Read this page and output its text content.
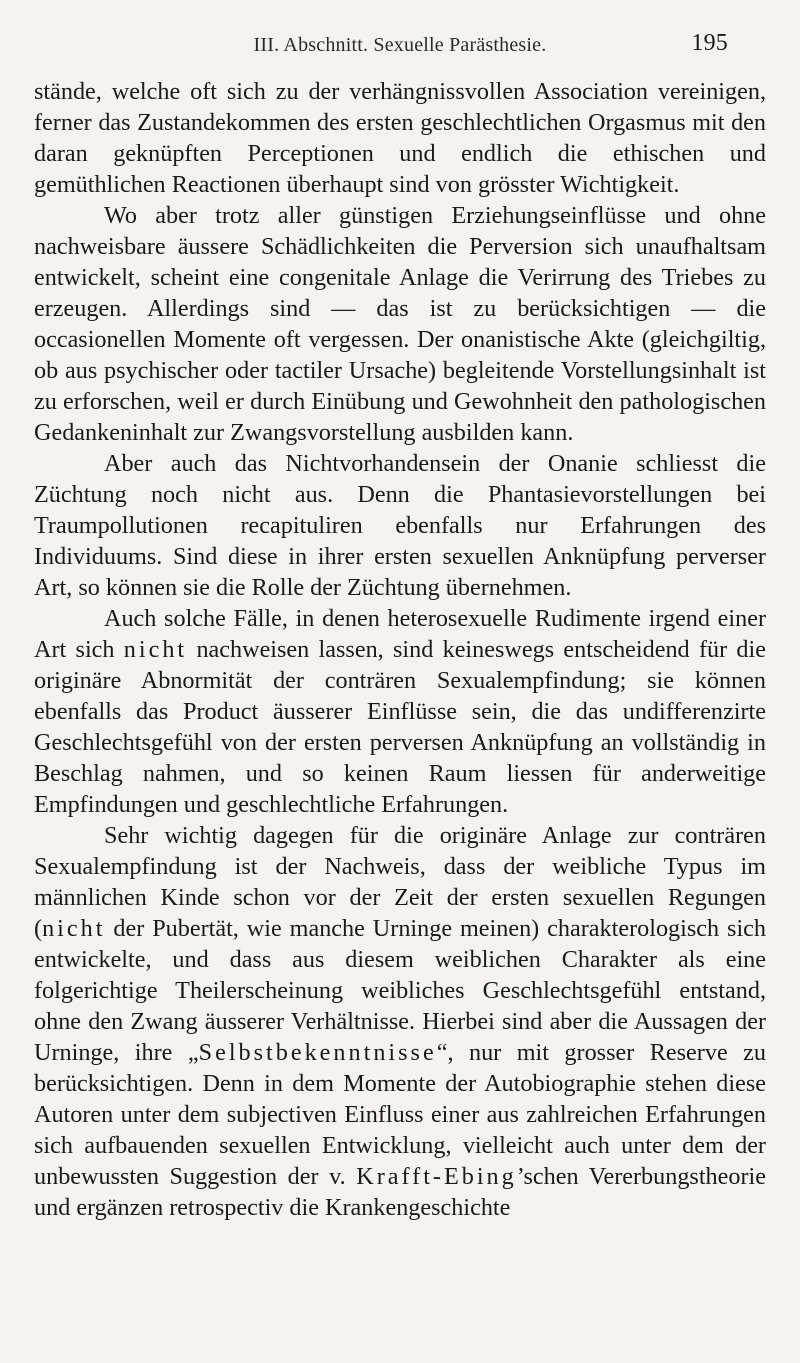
III. Abschnitt. Sexuelle Parästhesie.	195

stände, welche oft sich zu der verhängnissvollen Association vereinigen, ferner das Zustandekommen des ersten geschlechtlichen Orgasmus mit den daran geknüpften Perceptionen und endlich die ethischen und gemüthlichen Reactionen überhaupt sind von grösster Wichtigkeit.

Wo aber trotz aller günstigen Erziehungseinflüsse und ohne nachweisbare äussere Schädlichkeiten die Perversion sich unaufhaltsam entwickelt, scheint eine congenitale Anlage die Verirrung des Triebes zu erzeugen. Allerdings sind — das ist zu berücksichtigen — die occasionellen Momente oft vergessen. Der onanistische Akte (gleichgiltig, ob aus psychischer oder tactiler Ursache) begleitende Vorstellungsinhalt ist zu erforschen, weil er durch Einübung und Gewohnheit den pathologischen Gedankeninhalt zur Zwangsvorstellung ausbilden kann.

Aber auch das Nichtvorhandensein der Onanie schliesst die Züchtung noch nicht aus. Denn die Phantasievorstellungen bei Traumpollutionen recapituliren ebenfalls nur Erfahrungen des Individuums. Sind diese in ihrer ersten sexuellen Anknüpfung perverser Art, so können sie die Rolle der Züchtung übernehmen.

Auch solche Fälle, in denen heterosexuelle Rudimente irgend einer Art sich nicht nachweisen lassen, sind keineswegs entscheidend für die originäre Abnormität der conträren Sexualempfindung; sie können ebenfalls das Product äusserer Einflüsse sein, die das undifferenzirte Geschlechtsgefühl von der ersten perversen Anknüpfung an vollständig in Beschlag nahmen, und so keinen Raum liessen für anderweitige Empfindungen und geschlechtliche Erfahrungen.

Sehr wichtig dagegen für die originäre Anlage zur conträren Sexualempfindung ist der Nachweis, dass der weibliche Typus im männlichen Kinde schon vor der Zeit der ersten sexuellen Regungen (nicht der Pubertät, wie manche Urninge meinen) charakterologisch sich entwickelte, und dass aus diesem weiblichen Charakter als eine folgerichtige Theilerscheinung weibliches Geschlechtsgefühl entstand, ohne den Zwang äusserer Verhältnisse. Hierbei sind aber die Aussagen der Urninge, ihre „Selbstbekenntnisse“, nur mit grosser Reserve zu berücksichtigen. Denn in dem Momente der Autobiographie stehen diese Autoren unter dem subjectiven Einfluss einer aus zahlreichen Erfahrungen sich aufbauenden sexuellen Entwicklung, vielleicht auch unter dem der unbewussten Suggestion der v. Krafft-Ebing’schen Vererbungstheorie und ergänzen retrospectiv die Krankengeschichte
